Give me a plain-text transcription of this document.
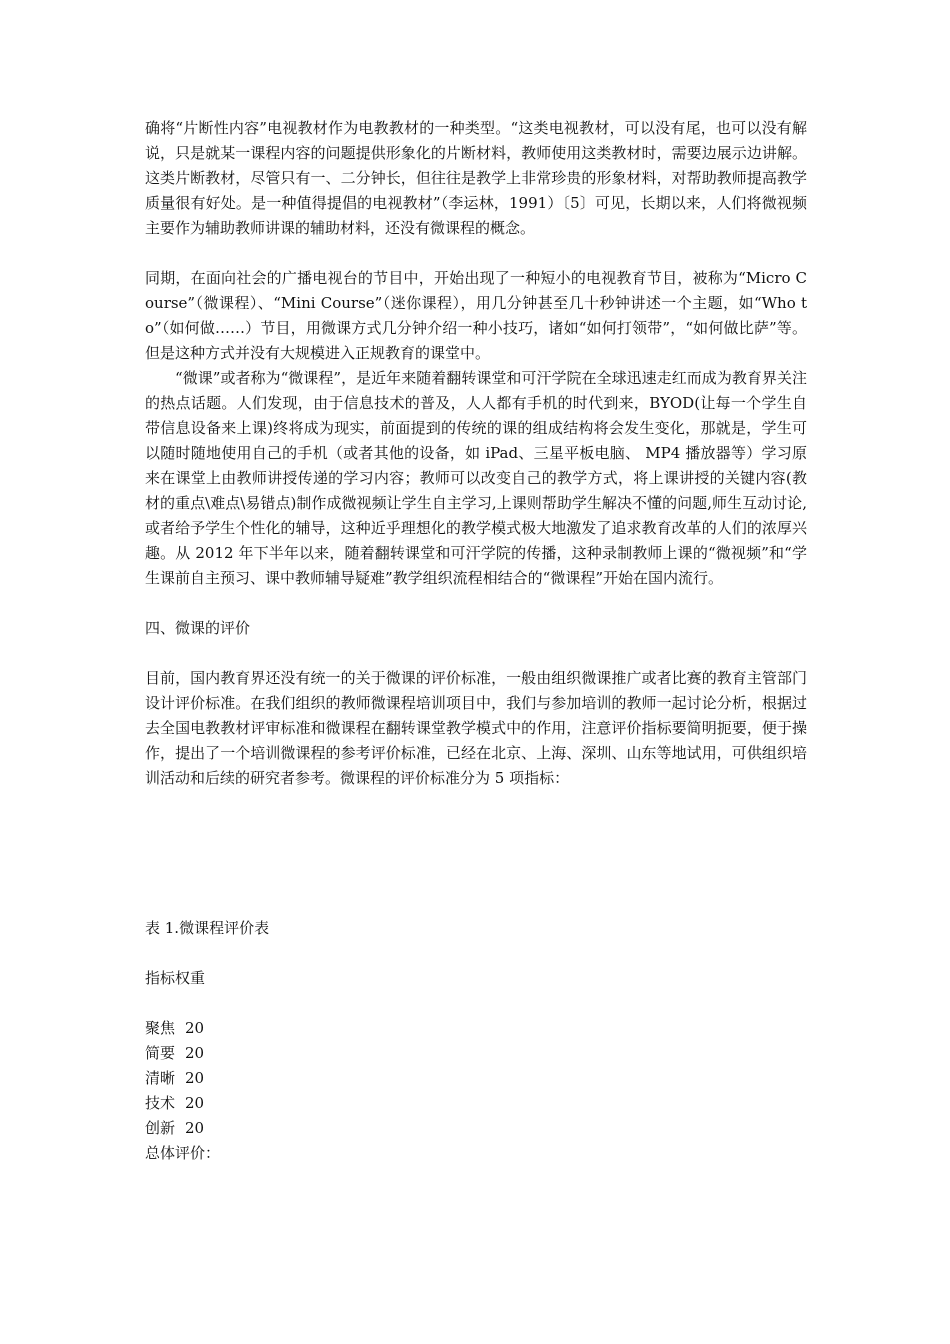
确将“片断性内容”电视教材作为电教教材的一种类型。“这类电视教材，可以没有尾，也可以没有解说，只是就某一课程内容的问题提供形象化的片断材料，教师使用这类教材时，需要边展示边讲解。这类片断教材，尽管只有一、二分钟长，但往往是教学上非常珍贵的形象材料，对帮助教师提高教学质量很有好处。是一种值得提倡的电视教材”（李运林，1991）〔5〕可见，长期以来，人们将微视频主要作为辅助教师讲课的辅助材料，还没有微课程的概念。

同期，在面向社会的广播电视台的节目中，开始出现了一种短小的电视教育节目，被称为“Micro Course”（微课程）、“Mini Course”（迷你课程），用几分钟甚至几十秒钟讲述一个主题，如“Who to”（如何做……）节目，用微课方式几分钟介绍一种小技巧，诸如“如何打领带”，“如何做比萨”等。但是这种方式并没有大规模进入正规教育的课堂中。

“微课”或者称为“微课程”，是近年来随着翻转课堂和可汗学院在全球迅速走红而成为教育界关注的热点话题。人们发现，由于信息技术的普及，人人都有手机的时代到来，BYOD(让每一个学生自带信息设备来上课)终将成为现实，前面提到的传统的课的组成结构将会发生变化，那就是，学生可以随时随地使用自己的手机（或者其他的设备，如 iPad、三星平板电脑、 MP4 播放器等）学习原来在课堂上由教师讲授传递的学习内容；教师可以改变自己的教学方式，将上课讲授的关键内容(教材的重点\难点\易错点)制作成微视频让学生自主学习,上课则帮助学生解决不懂的问题,师生互动讨论,或者给予学生个性化的辅导，这种近乎理想化的教学模式极大地激发了追求教育改革的人们的浓厚兴趣。从 2012 年下半年以来，随着翻转课堂和可汗学院的传播，这种录制教师上课的“微视频”和“学生课前自主预习、课中教师辅导疑难”教学组织流程相结合的“微课程”开始在国内流行。

四、微课的评价

目前，国内教育界还没有统一的关于微课的评价标准，一般由组织微课推广或者比赛的教育主管部门设计评价标准。在我们组织的教师微课程培训项目中，我们与参加培训的教师一起讨论分析，根据过去全国电教教材评审标准和微课程在翻转课堂教学模式中的作用，注意评价指标要简明扼要，便于操作，提出了一个培训微课程的参考评价标准，已经在北京、上海、深圳、山东等地试用，可供组织培训活动和后续的研究者参考。微课程的评价标准分为 5 项指标：

表 1.微课程评价表

指标权重

聚焦 20
简要 20
清晰 20
技术 20
创新 20
总体评价：
